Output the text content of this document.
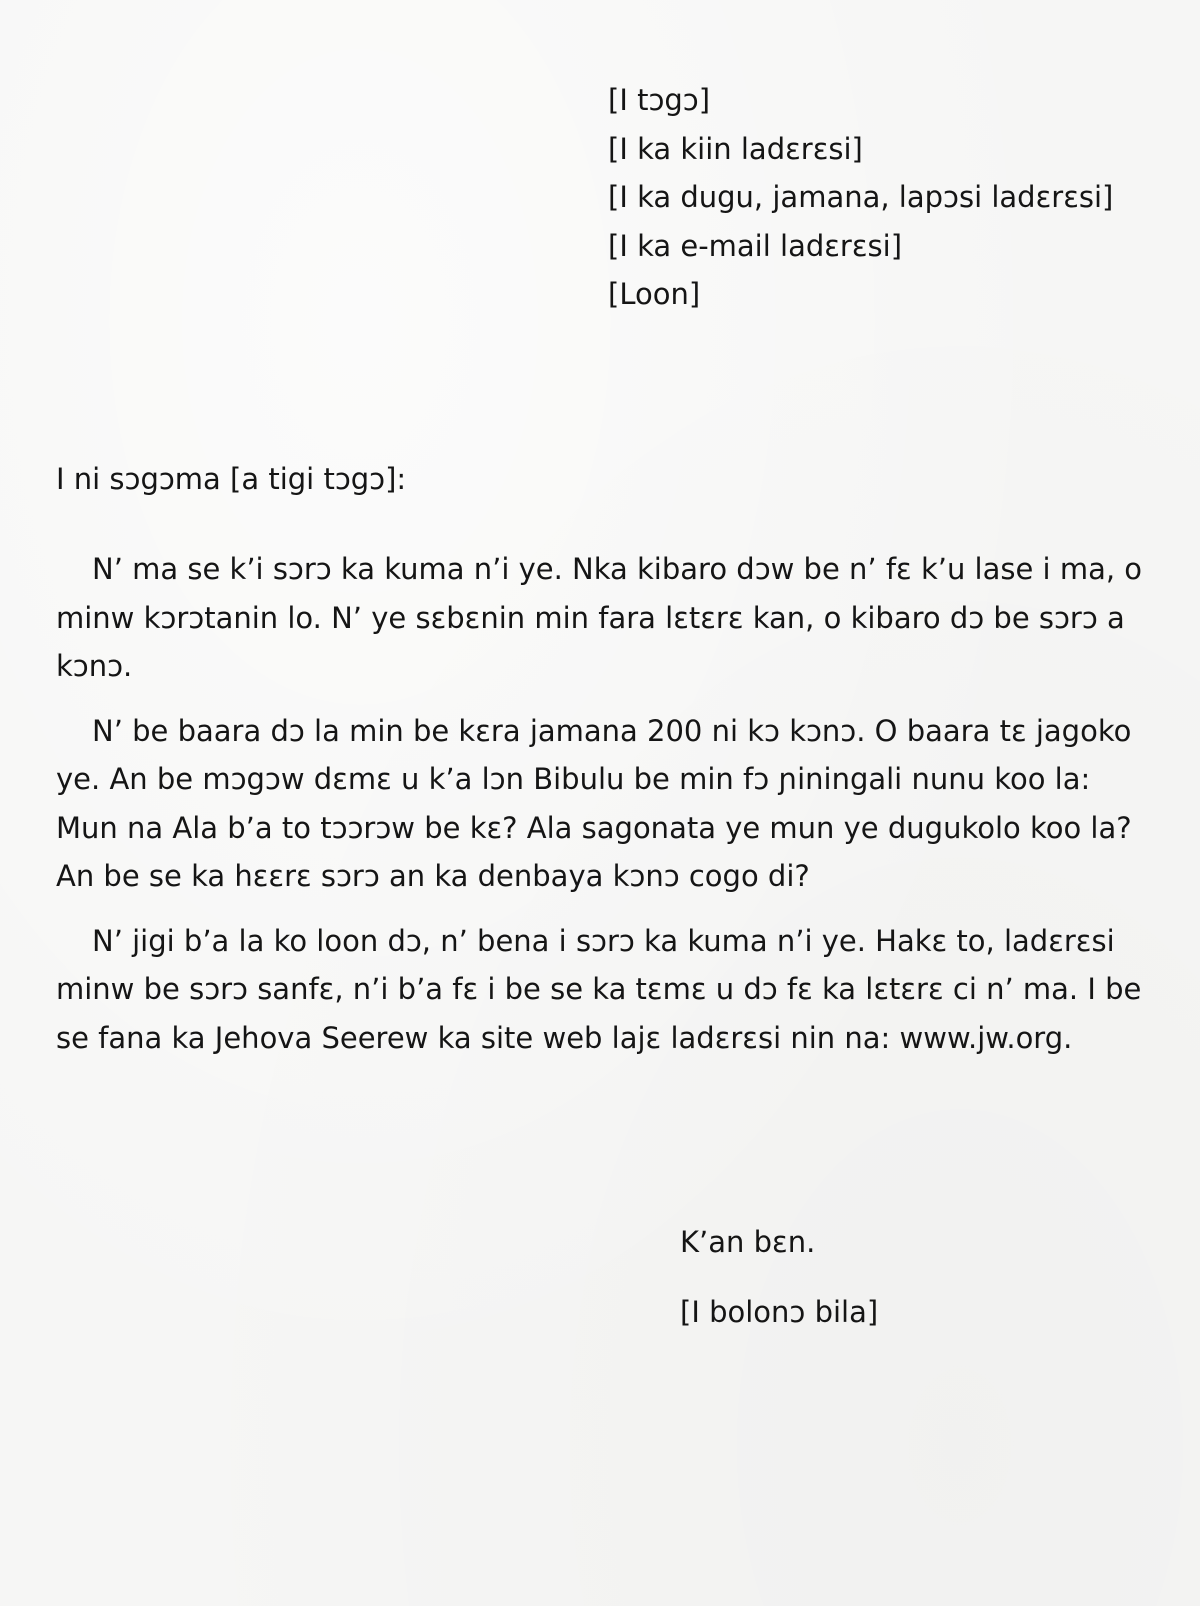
[I tɔgɔ]
[I ka kiin ladɛrɛsi]
[I ka dugu, jamana, lapɔsi ladɛrɛsi]
[I ka e-mail ladɛrɛsi]
[Loon]
I ni sɔgɔma [a tigi tɔgɔ]:

N’ ma se k’i sɔrɔ ka kuma n’i ye. Nka kibaro dɔw be n’ fɛ k’u lase i ma, o minw kɔrɔtanin lo. N’ ye sɛbɛnin min fara lɛtɛrɛ kan, o kibaro dɔ be sɔrɔ a kɔnɔ.

N’ be baara dɔ la min be kɛra jamana 200 ni kɔ kɔnɔ. O baara tɛ jagoko ye. An be mɔgɔw dɛmɛ u k’a lɔn Bibulu be min fɔ ɲiningali nunu koo la: Mun na Ala b’a to tɔɔrɔw be kɛ? Ala sagonata ye mun ye dugukolo koo la? An be se ka hɛɛrɛ sɔrɔ an ka denbaya kɔnɔ cogo di?

N’ jigi b’a la ko loon dɔ, n’ bena i sɔrɔ ka kuma n’i ye. Hakɛ to, ladɛrɛsi minw be sɔrɔ sanfɛ, n’i b’a fɛ i be se ka tɛmɛ u dɔ fɛ ka lɛtɛrɛ ci n’ ma. I be se fana ka Jehova Seerew ka site web lajɛ ladɛrɛsi nin na: www.jw.org.

K’an bɛn.
[I bolonɔ bila]
